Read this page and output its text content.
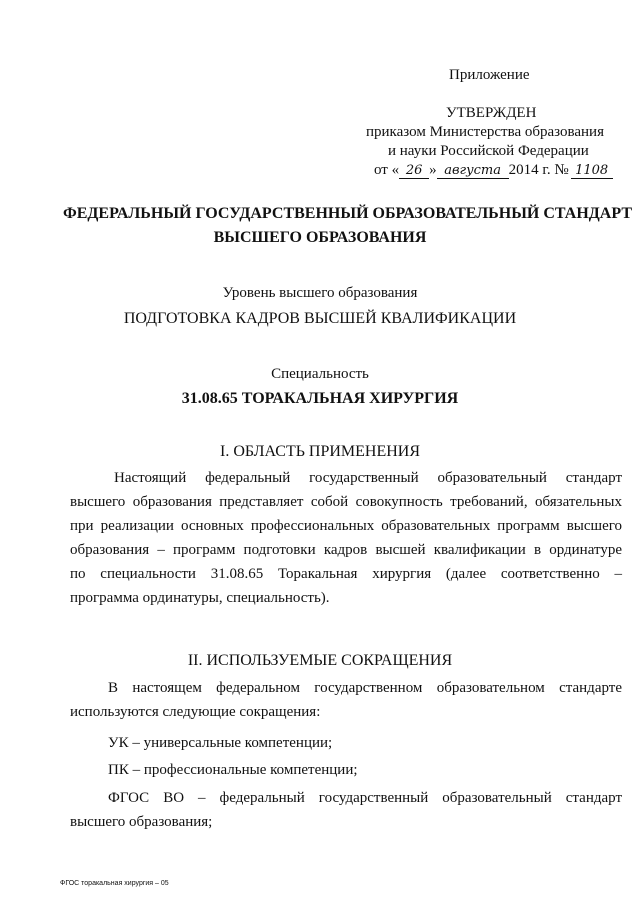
Приложение
УТВЕРЖДЕН
приказом Министерства образования
и науки Российской Федерации
от « 26 » августа 2014 г. № 1108
ФЕДЕРАЛЬНЫЙ ГОСУДАРСТВЕННЫЙ ОБРАЗОВАТЕЛЬНЫЙ СТАНДАРТ
ВЫСШЕГО ОБРАЗОВАНИЯ
Уровень высшего образования
ПОДГОТОВКА КАДРОВ ВЫСШЕЙ КВАЛИФИКАЦИИ
Специальность
31.08.65 ТОРАКАЛЬНАЯ ХИРУРГИЯ
I. ОБЛАСТЬ ПРИМЕНЕНИЯ
Настоящий федеральный государственный образовательный стандарт
высшего образования представляет собой совокупность требований, обязательных
при реализации основных профессиональных образовательных программ высшего
образования – программ подготовки кадров высшей квалификации в ординатуре
по специальности 31.08.65 Торакальная хирургия (далее соответственно –
программа ординатуры, специальность).
II. ИСПОЛЬЗУЕМЫЕ СОКРАЩЕНИЯ
В настоящем федеральном государственном образовательном стандарте
используются следующие сокращения:
УК – универсальные компетенции;
ПК – профессиональные компетенции;
ФГОС ВО – федеральный государственный образовательный стандарт
высшего образования;
ФГОС торакальная хирургия – 05
